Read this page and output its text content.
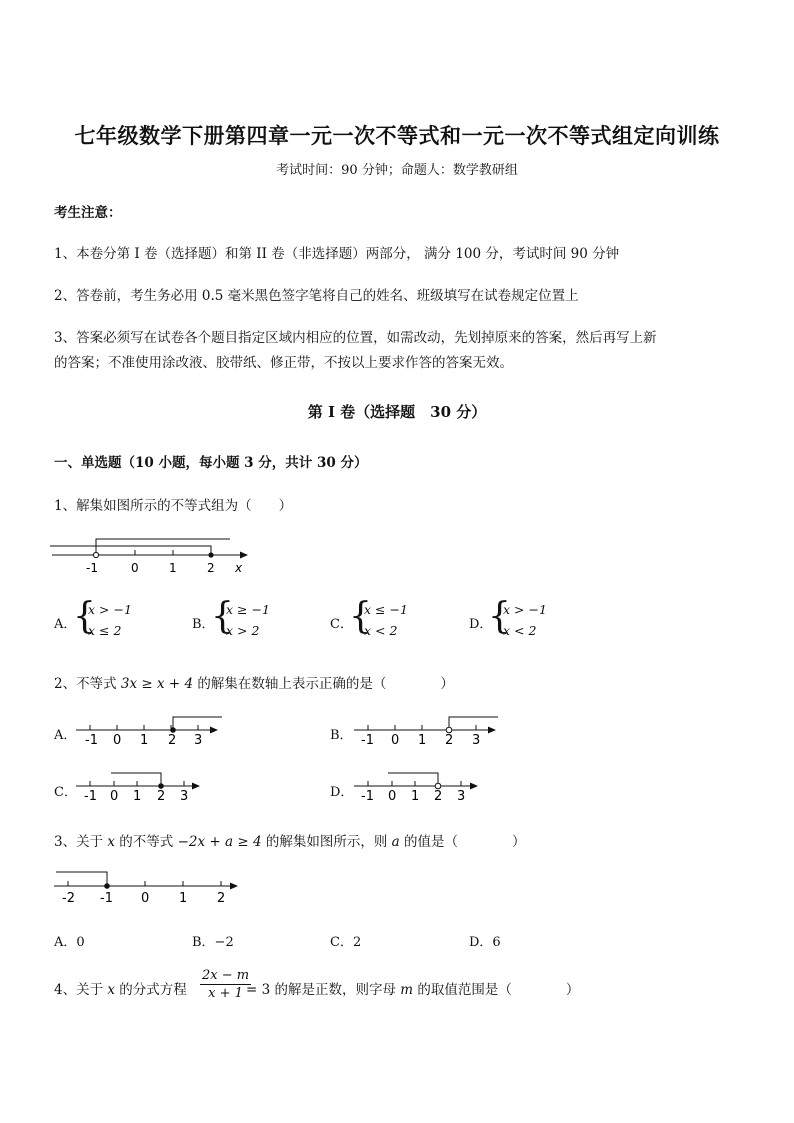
七年级数学下册第四章一元一次不等式和一元一次不等式组定向训练
考试时间：90 分钟；命题人：数学教研组
考生注意：
1、本卷分第 I 卷（选择题）和第 II 卷（非选择题）两部分， 满分 100 分，考试时间 90 分钟
2、答卷前，考生务必用 0.5 毫米黑色签字笔将自己的姓名、班级填写在试卷规定位置上
3、答案必须写在试卷各个题目指定区域内相应的位置，如需改动，先划掉原来的答案，然后再写上新
的答案；不准使用涂改液、胶带纸、修正带，不按以上要求作答的答案无效。
第 I 卷（选择题　30 分）
一、单选题（10 小题，每小题 3 分，共计 30 分）
1、解集如图所示的不等式组为（　　）
-1	0	1	2 x
A．
{
x > −1
x ≤ 2	B．
{
x ≥ −1
x > 2	C．
{
x ≤ −1
x < 2	D．
{
x > −1
x < 2
2、不等式 3x ≥ x + 4 的解集在数轴上表示正确的是（　　　　）
A． -1 0 1 2 3	B． -1 0 1 2 3
C． -1 0 1 2 3	D． -1 0 1 2 3
3、关于 x 的不等式 −2x + a ≥ 4 的解集如图所示，则 a 的值是（　　　　）
-2 -1 0 1 2
A．0	B．−2	C．2	D．6
4、关于 x 的分式方程 $\frac{2x - m}{x + 1}$
= 3 的解是正数，则字母 m 的取值范围是（　　　　）
